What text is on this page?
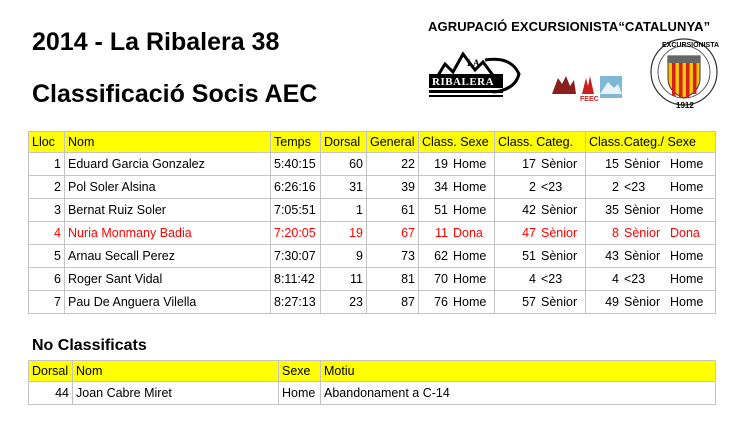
2014 - La Ribalera 38
Classificació Socis AEC
AGRUPACIÓ EXCURSIONISTA“CATALUNYA”
LA
RIBALERA
FEEC
EXCURSIONISTA
1912
Lloc	Nom	Temps	Dorsal	General	Class. Sexe	Class. Categ.	Class.Categ./ Sexe
1	Eduard Garcia Gonzalez	5:40:15	60	22	19 Home	17 Sènior	15 Sènior Home
2	Pol Soler Alsina	6:26:16	31	39	34 Home	2 <23	2 <23 Home
3	Bernat Ruiz Soler	7:05:51	1	61	51 Home	42 Sènior	35 Sènior Home
4	Nuria Monmany Badia	7:20:05	19	67	11 Dona	47 Sènior	8 Sènior Dona
5	Arnau Secall Perez	7:30:07	9	73	62 Home	51 Sènior	43 Sènior Home
6	Roger Sant Vidal	8:11:42	11	81	70 Home	4 <23	4 <23 Home
7	Pau De Anguera Vilella	8:27:13	23	87	76 Home	57 Sènior	49 Sènior Home
No Classificats
Dorsal	Nom	Sexe	Motiu
44	Joan Cabre Miret	Home	Abandonament a C-14
